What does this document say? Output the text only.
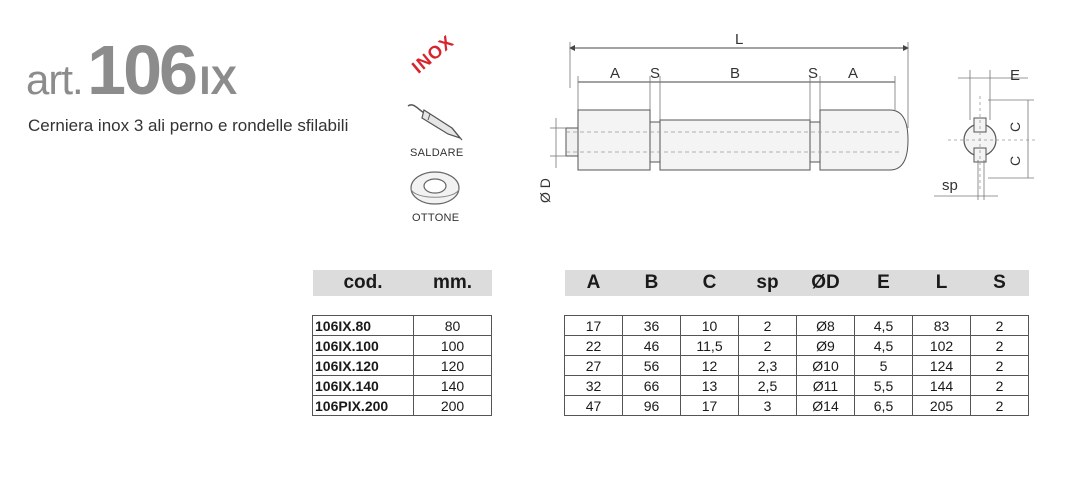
art. 106 IX
Cerniera inox 3 ali perno e rondelle sfilabili
INOX
SALDARE
OTTONE
L
A S	B	S A
Ø D
E
C
C
sp
cod.	mm.

106IX.80	80
106IX.100	100
106IX.120	120
106IX.140	140
106PIX.200	200
A	B	C	sp	ØD	E	L	S

17	36	10	2	Ø8	4,5	83	2
22	46	11,5	2	Ø9	4,5	102	2
27	56	12	2,3	Ø10	5	124	2
32	66	13	2,5	Ø11	5,5	144	2
47	96	17	3	Ø14	6,5	205	2
